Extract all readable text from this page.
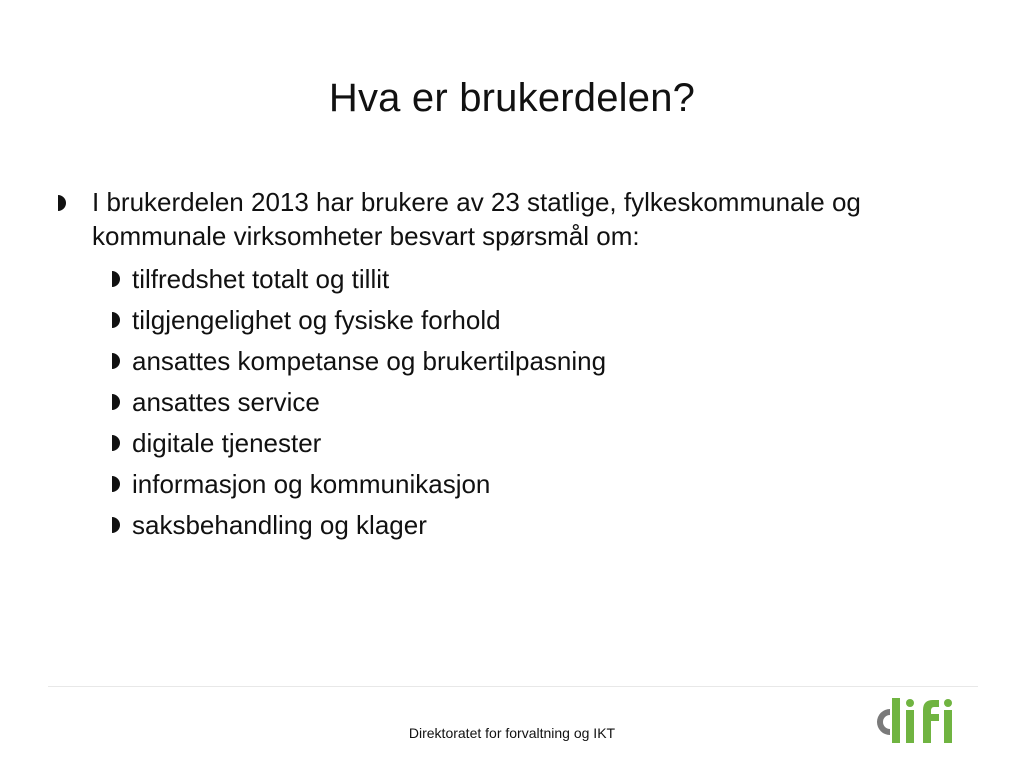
Hva er brukerdelen?
I brukerdelen 2013 har brukere av 23 statlige, fylkeskommunale og kommunale virksomheter besvart spørsmål om:
tilfredshet totalt og tillit
tilgjengelighet og fysiske forhold
ansattes kompetanse og brukertilpasning
ansattes service
digitale tjenester
informasjon og kommunikasjon
saksbehandling og klager
Direktoratet for forvaltning og IKT
